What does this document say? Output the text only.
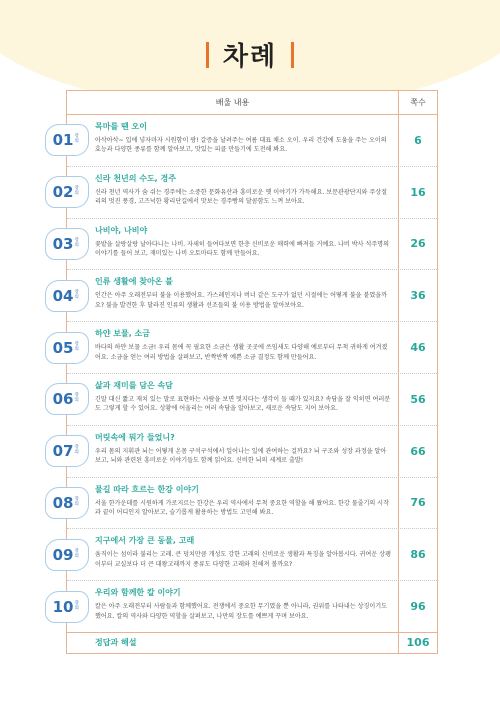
차례
배울 내용	쪽수
01 강
의
목마를 땐 오이
아삭아삭~ 입에 넣자마자 시원함이 팡! 갈증을 날려주는 여름 대표 채소 오이. 우리 건강에 도움을 주는 오이의 효능과 다양한 종류를 함께 알아보고, 맛있는 피클 만들기에 도전해 봐요.
6
02 강
의
신라 천년의 수도, 경주
신라 천년 역사가 숨 쉬는 경주에는 소중한 문화유산과 흥미로운 옛 이야기가 가득해요. 보문관광단지와 주상절리의 멋진 풍경, 고즈넉한 황리단길에서 맛보는 경주빵의 달콤함도 느껴 보아요.
16
03 강
의
나비야, 나비야
꽃밭을 살랑살랑 날아다니는 나비. 자세히 들여다보면 한층 신비로운 매력에 빠져들 거예요. 나비 박사 석주명의 이야기를 들어 보고, 재미있는 나비 오토마타도 함께 만들어요.
26
04 강
의
인류 생활에 찾아온 불
인간은 아주 오래전부터 불을 이용했어요. 가스레인지나 버너 같은 도구가 없던 시절에는 어떻게 불을 붙였을까요? 불을 발견한 후 달라진 인류의 생활과 선조들의 불 이용 방법을 알아보아요.
36
05 강
의
하얀 보물, 소금
바다의 하얀 보물 소금! 우리 몸에 꼭 필요한 소금은 생활 곳곳에 쓰임새도 다양해 예로부터 무척 귀하게 여겨졌어요. 소금을 얻는 여러 방법을 살펴보고, 반짝반짝 예쁜 소금 결정도 함께 만들어요.
46
06 강
의
삶과 재미를 담은 속담
긴말 대신 짧고 재치 있는 말로 표현하는 사람을 보면 멋지다는 생각이 들 때가 있지요? 속담을 잘 익히면 여러분도 그렇게 할 수 있어요. 상황에 어울리는 여러 속담을 알아보고, 새로운 속담도 지어 보아요.
56
07 강
의
머릿속에 뭐가 들었니?
우리 몸의 지휘관 뇌는 어떻게 온몸 구석구석에서 일어나는 일에 관여하는 걸까요? 뇌 구조와 성장 과정을 알아보고, 뇌와 관련된 흥미로운 이야기들도 함께 읽어요. 신비한 뇌의 세계로 출발!
66
08 강
의
물길 따라 흐르는 한강 이야기
서울 한가운데를 시원하게 가로지르는 한강은 우리 역사에서 무척 중요한 역할을 해 왔어요. 한강 물줄기의 시작과 끝이 어디인지 알아보고, 슬기롭게 활용하는 방법도 고민해 봐요.
76
09 강
의
지구에서 가장 큰 동물, 고래
움직이는 섬이라 불리는 고래. 큰 덩치만큼 개성도 강한 고래의 신비로운 생활과 특징을 알아봅시다. 귀여운 상괭이부터 교실보다 더 큰 대왕고래까지 종류도 다양한 고래와 친해져 볼까요?
86
10 강
의
우리와 함께한 칼 이야기
칼은 아주 오래전부터 사람들과 함께했어요. 전쟁에서 중요한 무기였을 뿐 아니라, 권위를 나타내는 상징이기도 했어요. 칼의 역사와 다양한 역할을 살펴보고, 나만의 장도를 예쁘게 꾸며 보아요.
96
정답과 해설	106
